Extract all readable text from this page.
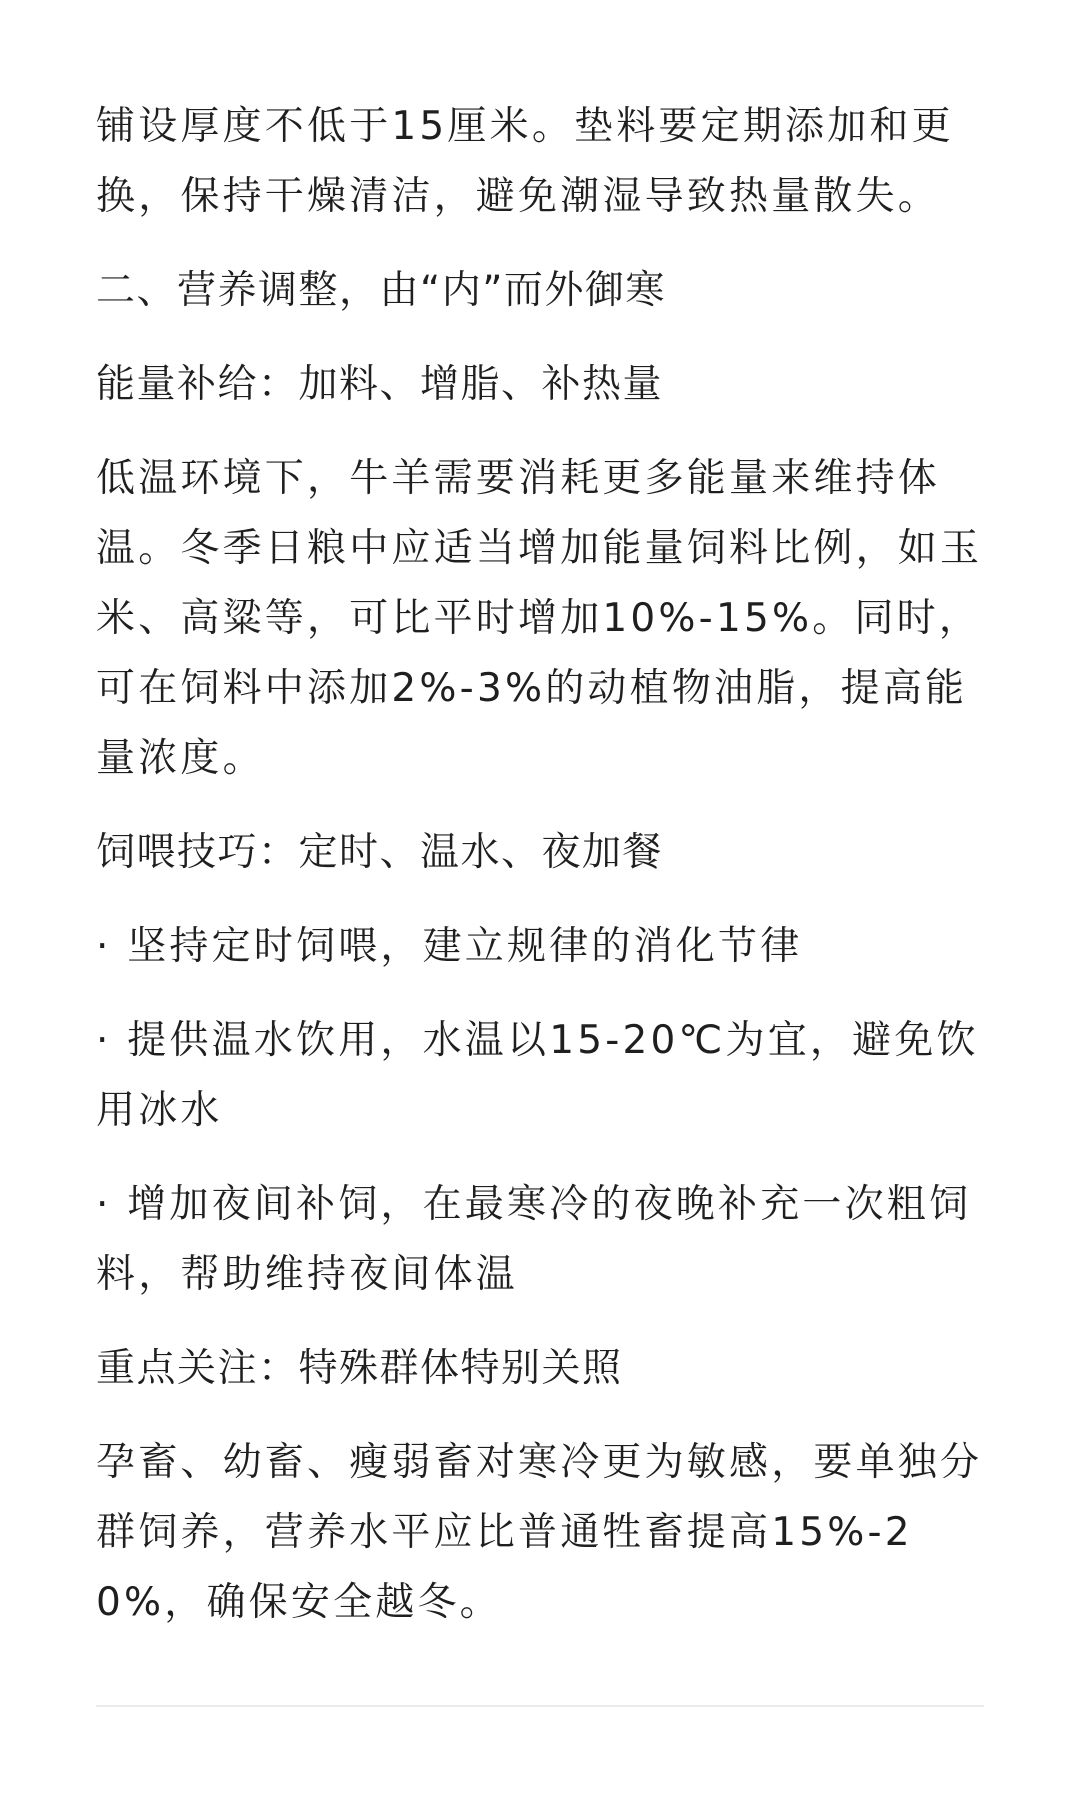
铺设厚度不低于15厘米。垫料要定期添加和更换，保持干燥清洁，避免潮湿导致热量散失。

二、营养调整，由“内”而外御寒

能量补给：加料、增脂、补热量

低温环境下，牛羊需要消耗更多能量来维持体温。冬季日粮中应适当增加能量饲料比例，如玉米、高粱等，可比平时增加10%-15%。同时，可在饲料中添加2%-3%的动植物油脂，提高能量浓度。

饲喂技巧：定时、温水、夜加餐

· 坚持定时饲喂，建立规律的消化节律

· 提供温水饮用，水温以15-20℃为宜，避免饮用冰水

· 增加夜间补饲，在最寒冷的夜晚补充一次粗饲料，帮助维持夜间体温

重点关注：特殊群体特别关照

孕畜、幼畜、瘦弱畜对寒冷更为敏感，要单独分群饲养，营养水平应比普通牲畜提高15%-20%，确保安全越冬。
